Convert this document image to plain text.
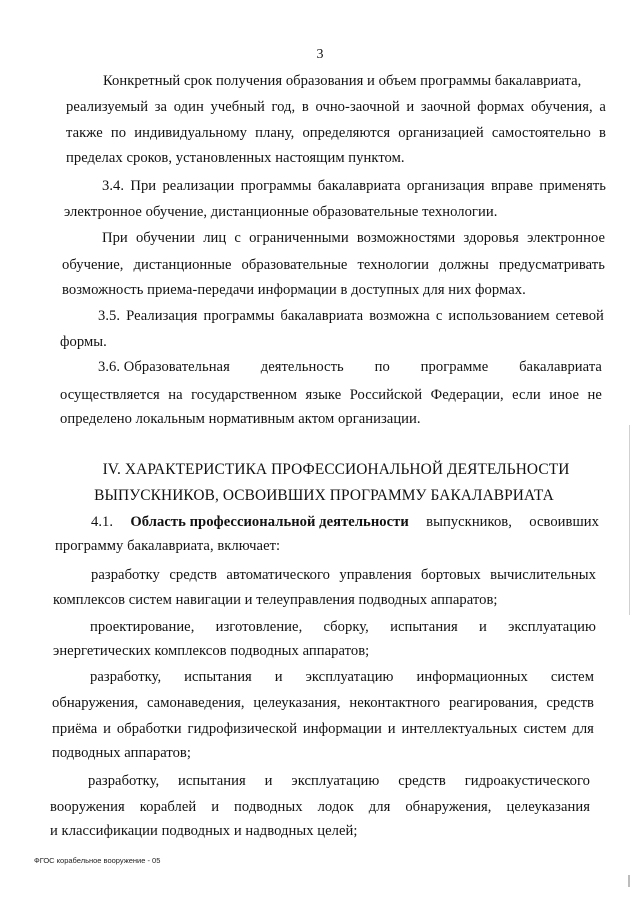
3
Конкретный срок получения образования и объем программы бакалавриата,
реализуемый за один учебный год, в очно-заочной и заочной формах обучения, а
также по индивидуальному плану, определяются организацией самостоятельно в
пределах сроков, установленных настоящим пунктом.
3.4. При реализации программы бакалавриата организация вправе применять
электронное обучение, дистанционные образовательные технологии.
При обучении лиц с ограниченными возможностями здоровья электронное
обучение, дистанционные образовательные технологии должны предусматривать
возможность приема-передачи информации в доступных для них формах.
3.5. Реализация программы бакалавриата возможна с использованием сетевой
формы.
3.6. Образовательная деятельность по программе бакалавриата
осуществляется на государственном языке Российской Федерации, если иное не
определено локальным нормативным актом организации.
IV. ХАРАКТЕРИСТИКА ПРОФЕССИОНАЛЬНОЙ ДЕЯТЕЛЬНОСТИ
ВЫПУСКНИКОВ, ОСВОИВШИХ ПРОГРАММУ БАКАЛАВРИАТА
4.1. Область профессиональной деятельности выпускников, освоивших
программу бакалавриата, включает:
разработку средств автоматического управления бортовых вычислительных
комплексов систем навигации и телеуправления подводных аппаратов;
проектирование, изготовление, сборку, испытания и эксплуатацию
энергетических комплексов подводных аппаратов;
разработку, испытания и эксплуатацию информационных систем
обнаружения, самонаведения, целеуказания, неконтактного реагирования, средств
приёма и обработки гидрофизической информации и интеллектуальных систем для
подводных аппаратов;
разработку, испытания и эксплуатацию средств гидроакустического
вооружения кораблей и подводных лодок для обнаружения, целеуказания
и классификации подводных и надводных целей;
ФГОС корабельное вооружение - 05
